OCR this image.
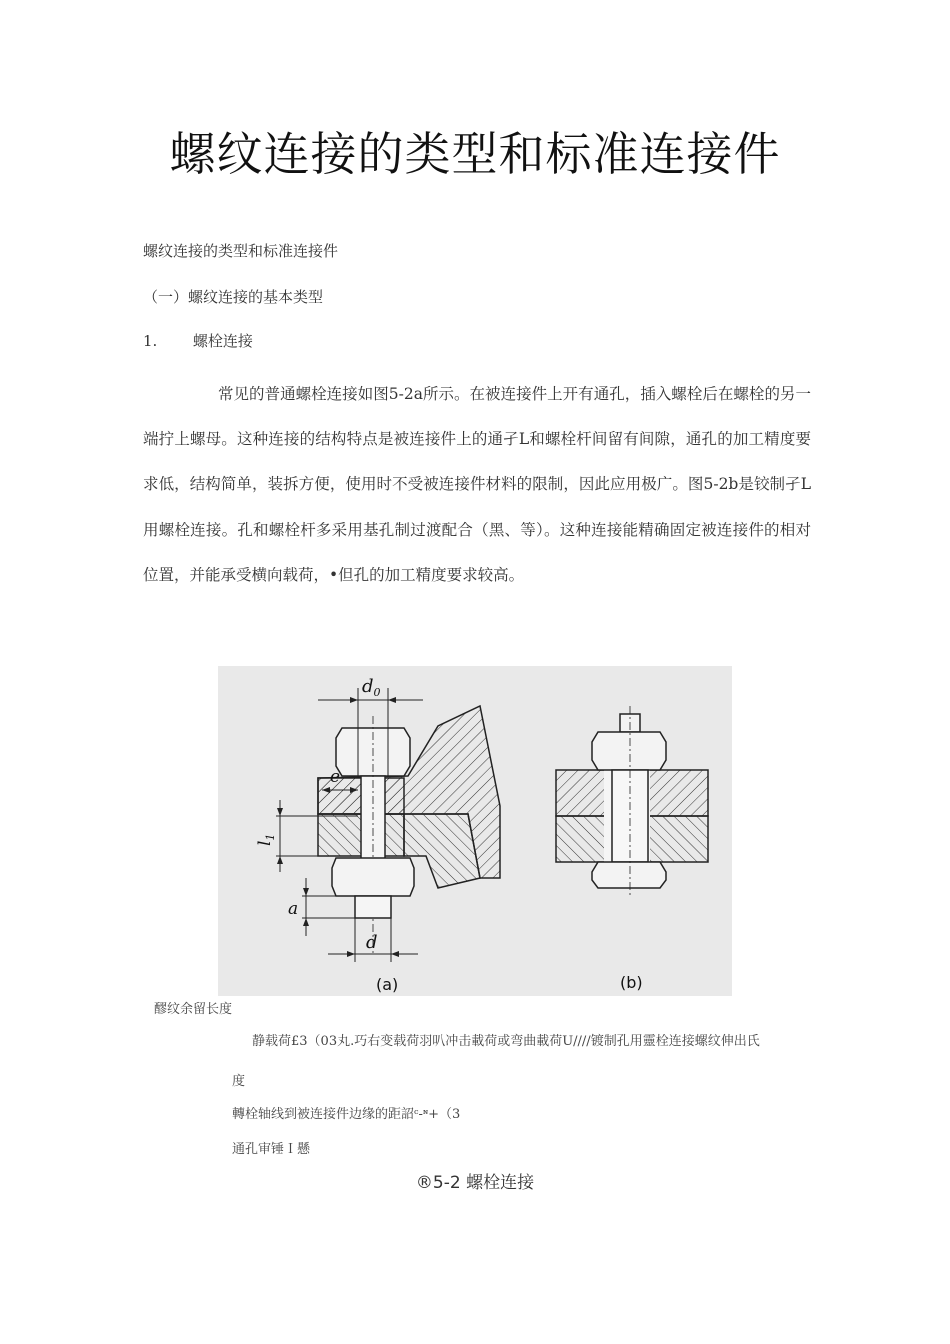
螺纹连接的类型和标准连接件
螺纹连接的类型和标准连接件
（一）螺纹连接的基本类型
1. 螺栓连接

常见的普通螺栓连接如图5-2a所示。在被连接件上开有通孔，插入螺栓后在螺栓的另一端拧上螺母。这种连接的结构特点是被连接件上的通孑L和螺栓杆间留有间隙，通孔的加工精度要求低，结构简单，装拆方便，使用时不受被连接件材料的限制，因此应用极广。图5-2b是铰制孑L用螺栓连接。孔和螺栓杆多采用基孔制过渡配合（黑、等）。这种连接能精确固定被连接件的相对位置，并能承受横向载荷，•但孔的加工精度要求较高。

$d_0$
e
$l_1$
a
d
(a)	(b)
醪纹余留长度
静载荷£3（03丸.巧右变载荷羽叭冲击載荷或弯曲載荷U////镀制孔用靈栓连接螺纹伸出氏
度
轉栓轴线到被连接件边缘的距詔ᶜ-ᶰ+（3
通孔审锤Ｉ懸
®5-2 螺栓连接
